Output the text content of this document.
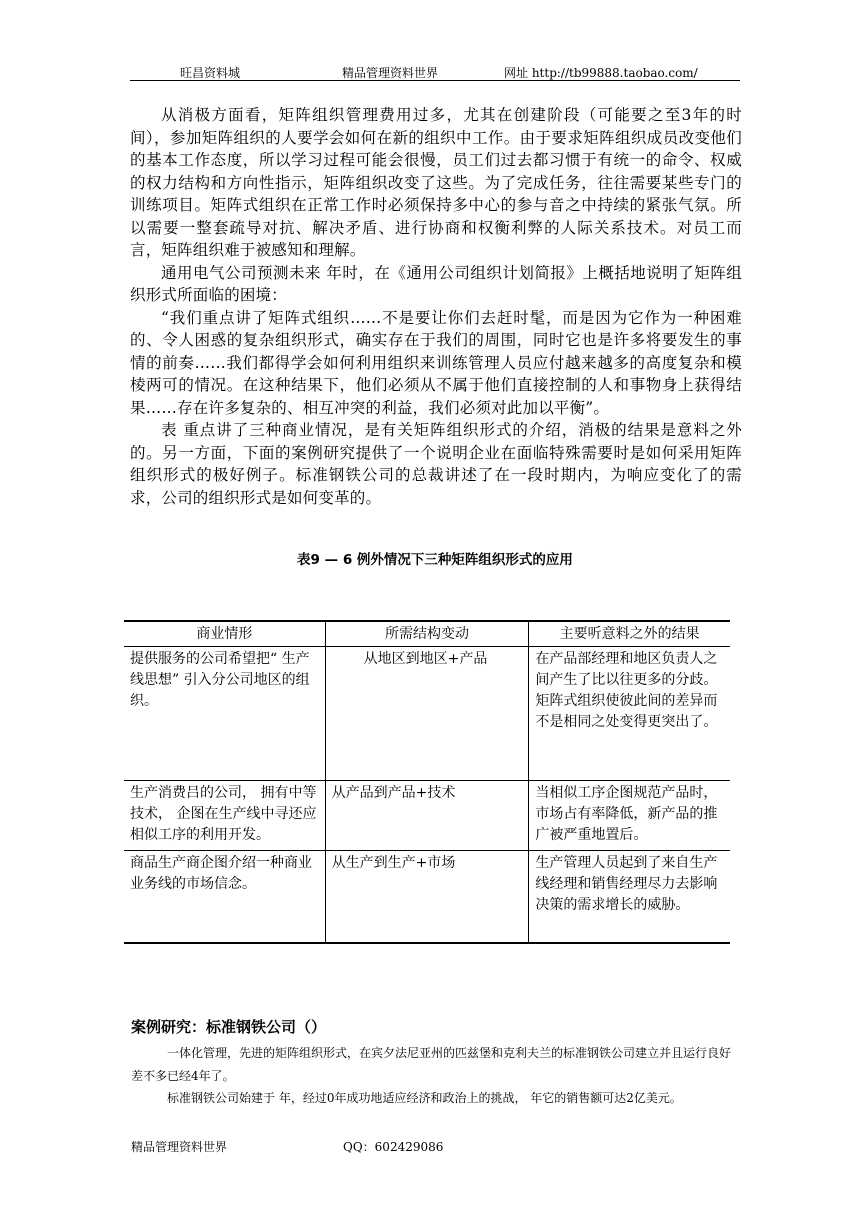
旺昌资料城	精品管理资料世界	网址 http://tb99888.taobao.com/

从消极方面看，矩阵组织管理费用过多，尤其在创建阶段（可能要之至3年的时间），参加矩阵组织的人要学会如何在新的组织中工作。由于要求矩阵组织成员改变他们的基本工作态度，所以学习过程可能会很慢，员工们过去都习惯于有统一的命令、权威的权力结构和方向性指示，矩阵组织改变了这些。为了完成任务，往往需要某些专门的训练项目。矩阵式组织在正常工作时必须保持多中心的参与音之中持续的紧张气氛。所以需要一整套疏导对抗、解决矛盾、进行协商和权衡利弊的人际关系技术。对员工而言，矩阵组织难于被感知和理解。

通用电气公司预测未来 年时，在《通用公司组织计划简报》上概括地说明了矩阵组织形式所面临的困境：

“我们重点讲了矩阵式组织……不是要让你们去赶时髦，而是因为它作为一种困难的、令人困惑的复杂组织形式，确实存在于我们的周围，同时它也是许多将要发生的事情的前奏……我们都得学会如何利用组织来训练管理人员应付越来越多的高度复杂和模棱两可的情况。在这种结果下，他们必须从不属于他们直接控制的人和事物身上获得结果……存在许多复杂的、相互冲突的利益，我们必须对此加以平衡”。

表 重点讲了三种商业情况，是有关矩阵组织形式的介绍，消极的结果是意料之外的。另一方面，下面的案例研究提供了一个说明企业在面临特殊需要时是如何采用矩阵组织形式的极好例子。标准钢铁公司的总裁讲述了在一段时期内，为响应变化了的需求，公司的组织形式是如何变革的。

表9 — 6 例外情况下三种矩阵组织形式的应用
商业情形	所需结构变动	主要听意料之外的结果
提供服务的公司希望把“ 生产线思想” 引入分公司地区的组织。	从地区到地区+产品	在产品部经理和地区负责人之间产生了比以往更多的分歧。矩阵式组织使彼此间的差异而不是相同之处变得更突出了。
生产消费吕的公司， 拥有中等技术， 企图在生产线中寻还应相似工序的利用开发。	从产品到产品+技术	当相似工序企图规范产品时，市场占有率降低，新产品的推广被严重地置后。
商品生产商企图介绍一种商业业务线的市场信念。	从生产到生产+市场	生产管理人员起到了来自生产线经理和销售经理尽力去影响决策的需求增长的威胁。
案例研究：标准钢铁公司（）

一体化管理，先进的矩阵组织形式，在宾夕法尼亚州的匹兹堡和克利夫兰的标准钢铁公司建立并且运行良好差不多已经4年了。

标准钢铁公司始建于 年，经过0年成功地适应经济和政治上的挑战， 年它的销售额可达2亿美元。

精品管理资料世界	QQ：602429086
